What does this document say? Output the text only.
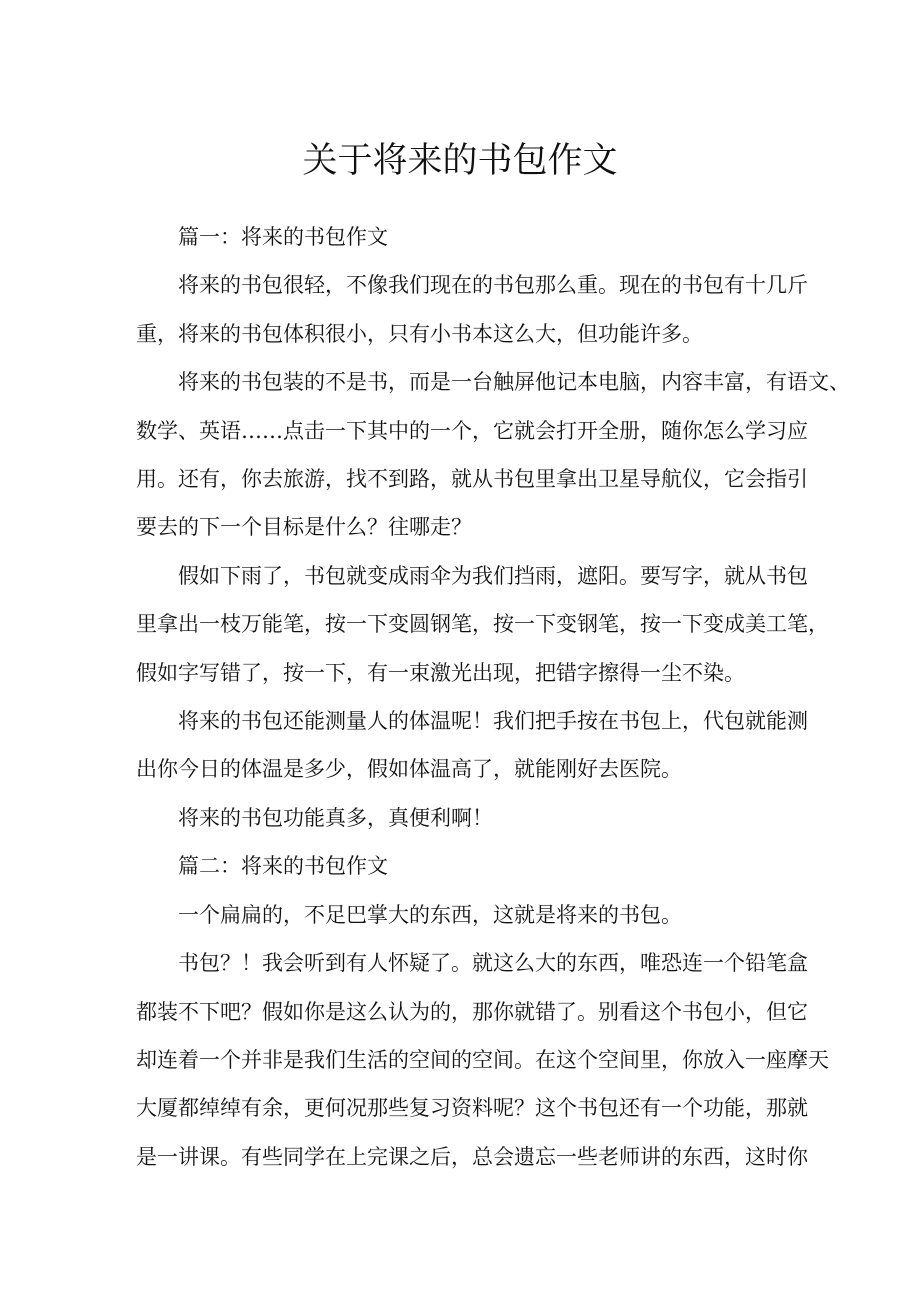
关于将来的书包作文

篇一：将来的书包作文

将来的书包很轻，不像我们现在的书包那么重。现在的书包有十几斤
重，将来的书包体积很小，只有小书本这么大，但功能许多。

将来的书包装的不是书，而是一台触屏他记本电脑，内容丰富，有语文、
数学、英语……点击一下其中的一个，它就会打开全册，随你怎么学习应
用。还有，你去旅游，找不到路，就从书包里拿出卫星导航仪，它会指引
要去的下一个目标是什么？往哪走？

假如下雨了，书包就变成雨伞为我们挡雨，遮阳。要写字，就从书包
里拿出一枝万能笔，按一下变圆钢笔，按一下变钢笔，按一下变成美工笔，
假如字写错了，按一下，有一束激光出现，把错字擦得一尘不染。

将来的书包还能测量人的体温呢！我们把手按在书包上，代包就能测
出你今日的体温是多少，假如体温高了，就能刚好去医院。

将来的书包功能真多，真便利啊！

篇二：将来的书包作文

一个扁扁的，不足巴掌大的东西，这就是将来的书包。

书包？！我会听到有人怀疑了。就这么大的东西，唯恐连一个铅笔盒
都装不下吧？假如你是这么认为的，那你就错了。别看这个书包小，但它
却连着一个并非是我们生活的空间的空间。在这个空间里，你放入一座摩天
大厦都绰绰有余，更何况那些复习资料呢？这个书包还有一个功能，那就
是一讲课。有些同学在上完课之后，总会遗忘一些老师讲的东西，这时你
